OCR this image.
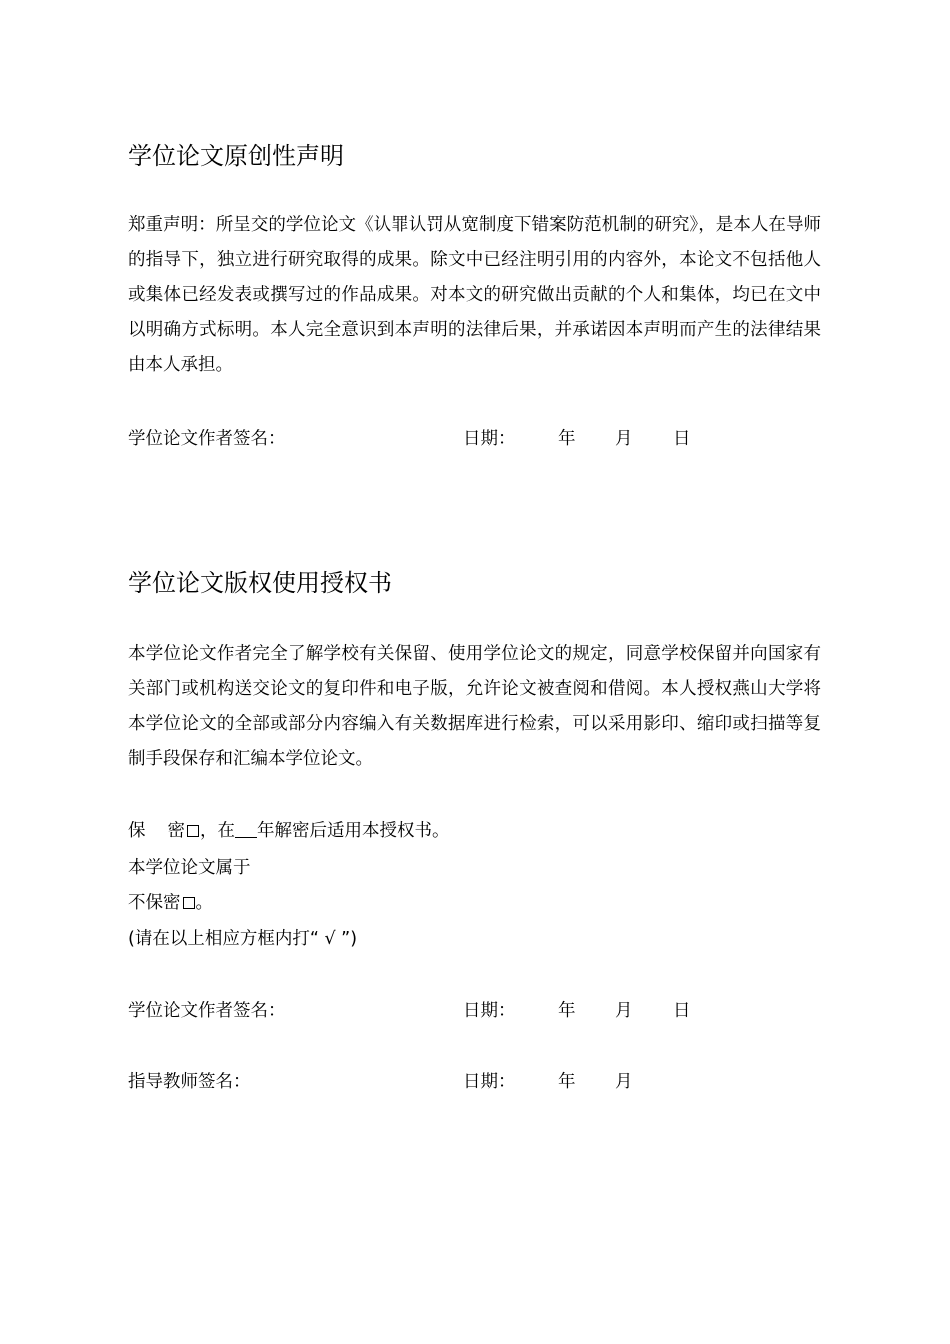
学位论文原创性声明

郑重声明：所呈交的学位论文《认罪认罚从宽制度下错案防范机制的研究》，是本人在导师的指导下，独立进行研究取得的成果。除文中已经注明引用的内容外，本论文不包括他人或集体已经发表或撰写过的作品成果。对本文的研究做出贡献的个人和集体，均已在文中以明确方式标明。本人完全意识到本声明的法律后果，并承诺因本声明而产生的法律结果由本人承担。

学位论文作者签名：	日期： 年 月 日
学位论文版权使用授权书

本学位论文作者完全了解学校有关保留、使用学位论文的规定，同意学校保留并向国家有关部门或机构送交论文的复印件和电子版，允许论文被查阅和借阅。本人授权燕山大学将本学位论文的全部或部分内容编入有关数据库进行检索，可以采用影印、缩印或扫描等复制手段保存和汇编本学位论文。

保 密 ，在 年解密后适用本授权书。
本学位论文属于
不保密 。
(请在以上相应方框内打“ √ ”)
学位论文作者签名：	日期： 年 月 日
指导教师签名：	日期： 年 月
